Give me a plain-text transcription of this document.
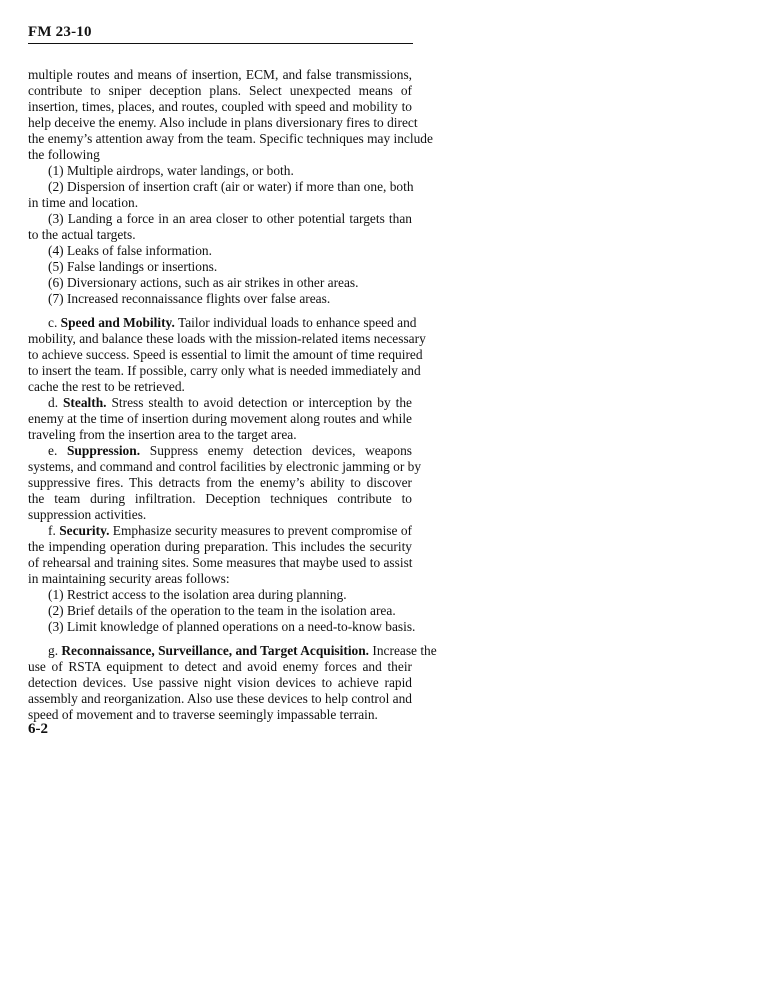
FM 23-10
multiple routes and means of insertion, ECM, and false transmissions,
contribute to sniper deception plans. Select unexpected means of
insertion, times, places, and routes, coupled with speed and mobility to
help deceive the enemy. Also include in plans diversionary fires to direct
the enemy’s attention away from the team. Specific techniques may include
the following
(1) Multiple airdrops, water landings, or both.
(2) Dispersion of insertion craft (air or water) if more than one, both
in time and location.
(3) Landing a force in an area closer to other potential targets than
to the actual targets.
(4) Leaks of false information.
(5) False landings or insertions.
(6) Diversionary actions, such as air strikes in other areas.
(7) Increased reconnaissance flights over false areas.
c. Speed and Mobility. Tailor individual loads to enhance speed and
mobility, and balance these loads with the mission-related items necessary
to achieve success. Speed is essential to limit the amount of time required
to insert the team. If possible, carry only what is needed immediately and
cache the rest to be retrieved.
d. Stealth. Stress stealth to avoid detection or interception by the
enemy at the time of insertion during movement along routes and while
traveling from the insertion area to the target area.
e. Suppression. Suppress enemy detection devices, weapons
systems, and command and control facilities by electronic jamming or by
suppressive fires. This detracts from the enemy’s ability to discover
the team during infiltration. Deception techniques contribute to
suppression activities.
f. Security. Emphasize security measures to prevent compromise of
the impending operation during preparation. This includes the security
of rehearsal and training sites. Some measures that maybe used to assist
in maintaining security areas follows:
(1) Restrict access to the isolation area during planning.
(2) Brief details of the operation to the team in the isolation area.
(3) Limit knowledge of planned operations on a need-to-know basis.
g. Reconnaissance, Surveillance, and Target Acquisition. Increase the
use of RSTA equipment to detect and avoid enemy forces and their
detection devices. Use passive night vision devices to achieve rapid
assembly and reorganization. Also use these devices to help control and
speed of movement and to traverse seemingly impassable terrain.
6-2
